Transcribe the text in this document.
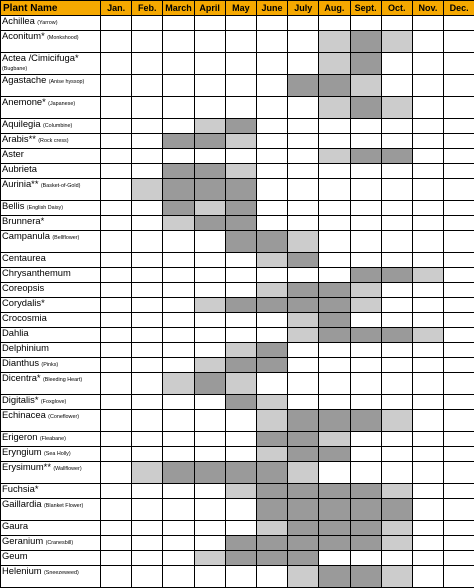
Plant Name	Jan.	Feb.	March	April	May	June	July	Aug.	Sept.	Oct.	Nov.	Dec.
Achillea (Yarrow)												
Aconitum* (Monkshood)												
Actea /Cimicifuga* (Bugbane)												
Agastache (Anise hyssop)												
Anemone* (Japanese)												
Aquilegia (Columbine)												
Arabis** (Rock cress)												
Aster												
Aubrieta												
Aurinia** (Basket-of-Gold)												
Bellis (English Daisy)												
Brunnera*												
Campanula (Bellflower)												
Centaurea												
Chrysanthemum												
Coreopsis												
Corydalis*												
Crocosmia												
Dahlia												
Delphinium												
Dianthus (Pinks)												
Dicentra* (Bleeding Heart)												
Digitalis* (Foxglove)												
Echinacea (Coneflower)												
Erigeron (Fleabane)												
Eryngium (Sea Holly)												
Erysimum** (Wallflower)												
Fuchsia*												
Gaillardia (Blanket Flower)												
Gaura												
Geranium (Cranesbill)												
Geum												
Helenium (Sneezeweed)												
